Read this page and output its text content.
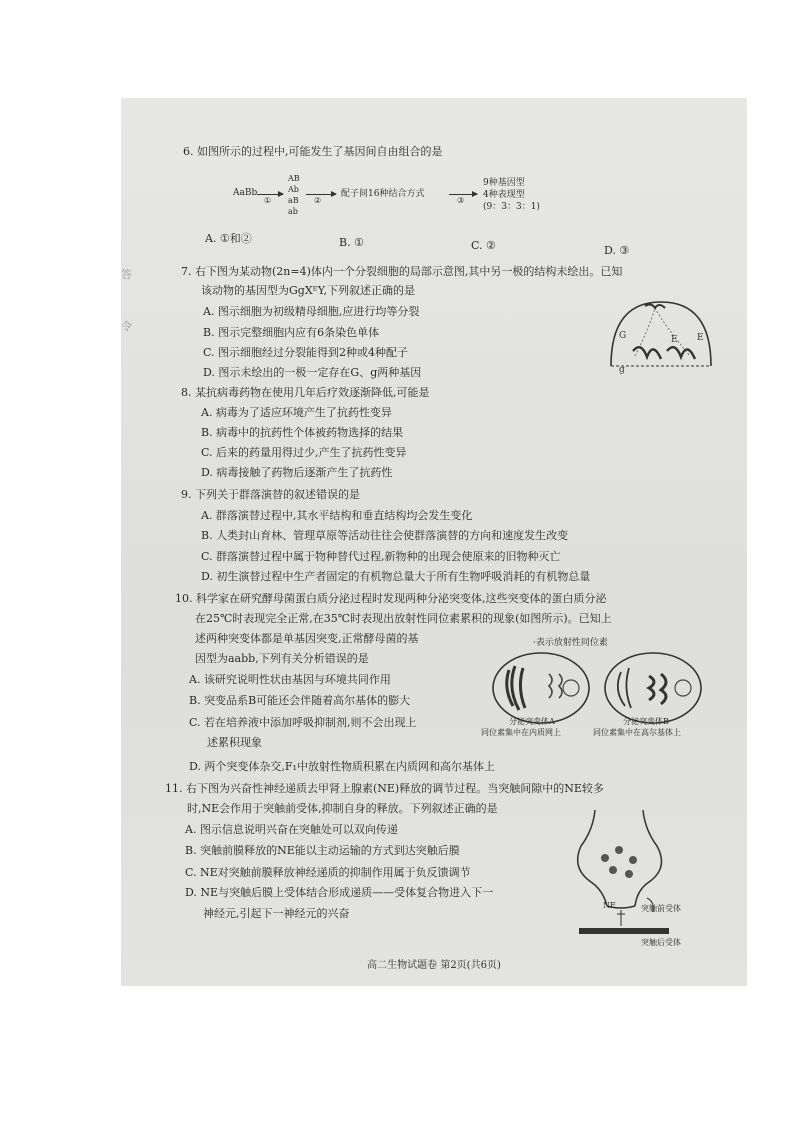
答
令
6. 如图所示的过程中,可能发生了基因间自由组合的是
AaBb
①
AB
Ab
aB
ab
②
配子间16种结合方式
③
9种基因型
4种表现型
(9：3：3：1)
A. ①和②	B. ①	C. ②	D. ③
7. 右下图为某动物(2n=4)体内一个分裂细胞的局部示意图,其中另一极的结构未绘出。已知
该动物的基因型为GgXᴱY,下列叙述正确的是
A. 图示细胞为初级精母细胞,应进行均等分裂
B. 图示完整细胞内应有6条染色单体
C. 图示细胞经过分裂能得到2种或4种配子
D. 图示未绘出的一极一定存在G、g两种基因
G	E E
g
8. 某抗病毒药物在使用几年后疗效逐渐降低,可能是
A. 病毒为了适应环境产生了抗药性变异
B. 病毒中的抗药性个体被药物选择的结果
C. 后来的药量用得过少,产生了抗药性变异
D. 病毒接触了药物后逐渐产生了抗药性
9. 下列关于群落演替的叙述错误的是
A. 群落演替过程中,其水平结构和垂直结构均会发生变化
B. 人类封山育林、管理草原等活动往往会使群落演替的方向和速度发生改变
C. 群落演替过程中属于物种替代过程,新物种的出现会使原来的旧物种灭亡
D. 初生演替过程中生产者固定的有机物总量大于所有生物呼吸消耗的有机物总量
10. 科学家在研究酵母菌蛋白质分泌过程时发现两种分泌突变体,这些突变体的蛋白质分泌
在25℃时表现完全正常,在35℃时表现出放射性同位素累积的现象(如图所示)。已知上
述两种突变体都是单基因突变,正常酵母菌的基
因型为aabb,下列有关分析错误的是
A. 该研究说明性状由基因与环境共同作用
B. 突变品系B可能还会伴随着高尔基体的膨大
C. 若在培养液中添加呼吸抑制剂,则不会出现上
述累积现象
D. 两个突变体杂交,F₁中放射性物质积累在内质网和高尔基体上
·表示放射性同位素
分泌突变体A
同位素集中在内质网上
分泌突变体B
同位素集中在高尔基体上
11. 右下图为兴奋性神经递质去甲肾上腺素(NE)释放的调节过程。当突触间隙中的NE较多
时,NE会作用于突触前受体,抑制自身的释放。下列叙述正确的是
A. 图示信息说明兴奋在突触处可以双向传递
B. 突触前膜释放的NE能以主动运输的方式到达突触后膜
C. NE对突触前膜释放神经递质的抑制作用属于负反馈调节
D. NE与突触后膜上受体结合形成递质——受体复合物进入下一
神经元,引起下一神经元的兴奋
NE	突触前受体
突触后受体
高二生物试题卷 第2页(共6页)
